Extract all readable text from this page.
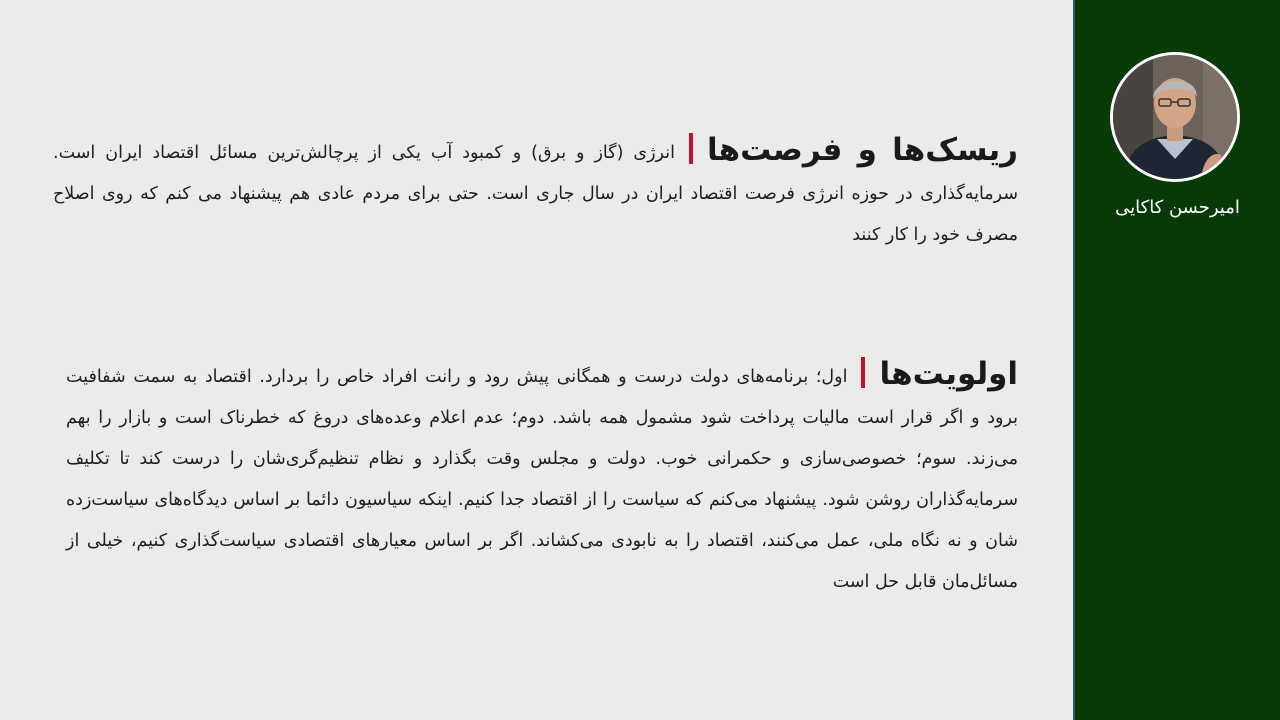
ریسک‌ها و فرصت‌هاانرژی (گاز و برق) و کمبود آب یکی از پرچالش‌ترین مسائل اقتصاد ایران است. سرمایه‌گذاری در حوزه انرژی فرصت اقتصاد ایران در سال جاری است. حتی برای مردم عادی هم پیشنهاد می کنم که روی اصلاح مصرف خود را کار کنند
اولویت‌هااول؛ برنامه‌های دولت درست و همگانی پیش رود و رانت افراد خاص را بردارد. اقتصاد به سمت شفافیت برود و اگر قرار است مالیات پرداخت شود مشمول همه باشد. دوم؛ عدم اعلام وعده‌های دروغ که خطرناک است و بازار را بهم می‌زند. سوم؛ خصوصی‌سازی و حکمرانی خوب. دولت و مجلس وقت بگذارد و نظام تنظیم‌گری‌شان را درست کند تا تکلیف سرمایه‌گذاران روشن شود. پیشنهاد می‌کنم که سیاست را از اقتصاد جدا کنیم. اینکه سیاسیون دائما بر اساس دیدگاه‌های سیاست‌زده شان و نه نگاه ملی، عمل می‌کنند، اقتصاد را به نابودی می‌کشاند. اگر بر اساس معیارهای اقتصادی سیاست‌گذاری کنیم، خیلی از مسائل‌مان قابل حل است
امیرحسن کاکایی
